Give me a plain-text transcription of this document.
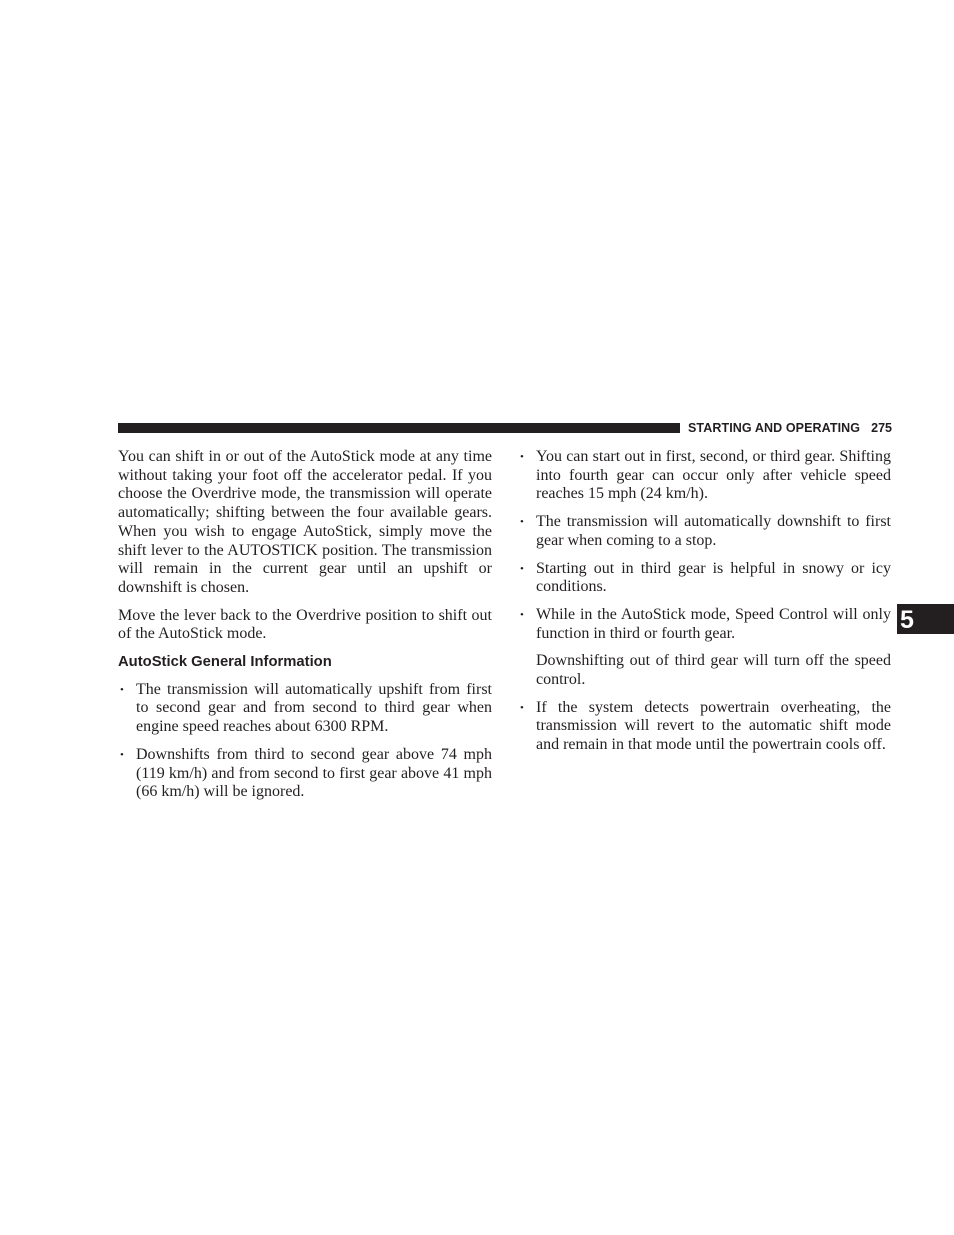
STARTING AND OPERATING 275

You can shift in or out of the AutoStick mode at any time without taking your foot off the accelerator pedal. If you choose the Overdrive mode, the transmission will operate automatically; shifting between the four available gears. When you wish to engage AutoStick, simply move the shift lever to the AUTOSTICK position. The transmission will remain in the current gear until an upshift or downshift is chosen.

Move the lever back to the Overdrive position to shift out of the AutoStick mode.

AutoStick General Information
• The transmission will automatically upshift from first to second gear and from second to third gear when engine speed reaches about 6300 RPM.
• Downshifts from third to second gear above 74 mph (119 km/h) and from second to first gear above 41 mph (66 km/h) will be ignored.
• You can start out in first, second, or third gear. Shifting into fourth gear can occur only after vehicle speed reaches 15 mph (24 km/h).
• The transmission will automatically downshift to first gear when coming to a stop.
• Starting out in third gear is helpful in snowy or icy conditions.
• While in the AutoStick mode, Speed Control will only function in third or fourth gear.

Downshifting out of third gear will turn off the speed control.

• If the system detects powertrain overheating, the transmission will revert to the automatic shift mode and remain in that mode until the powertrain cools off.
5
